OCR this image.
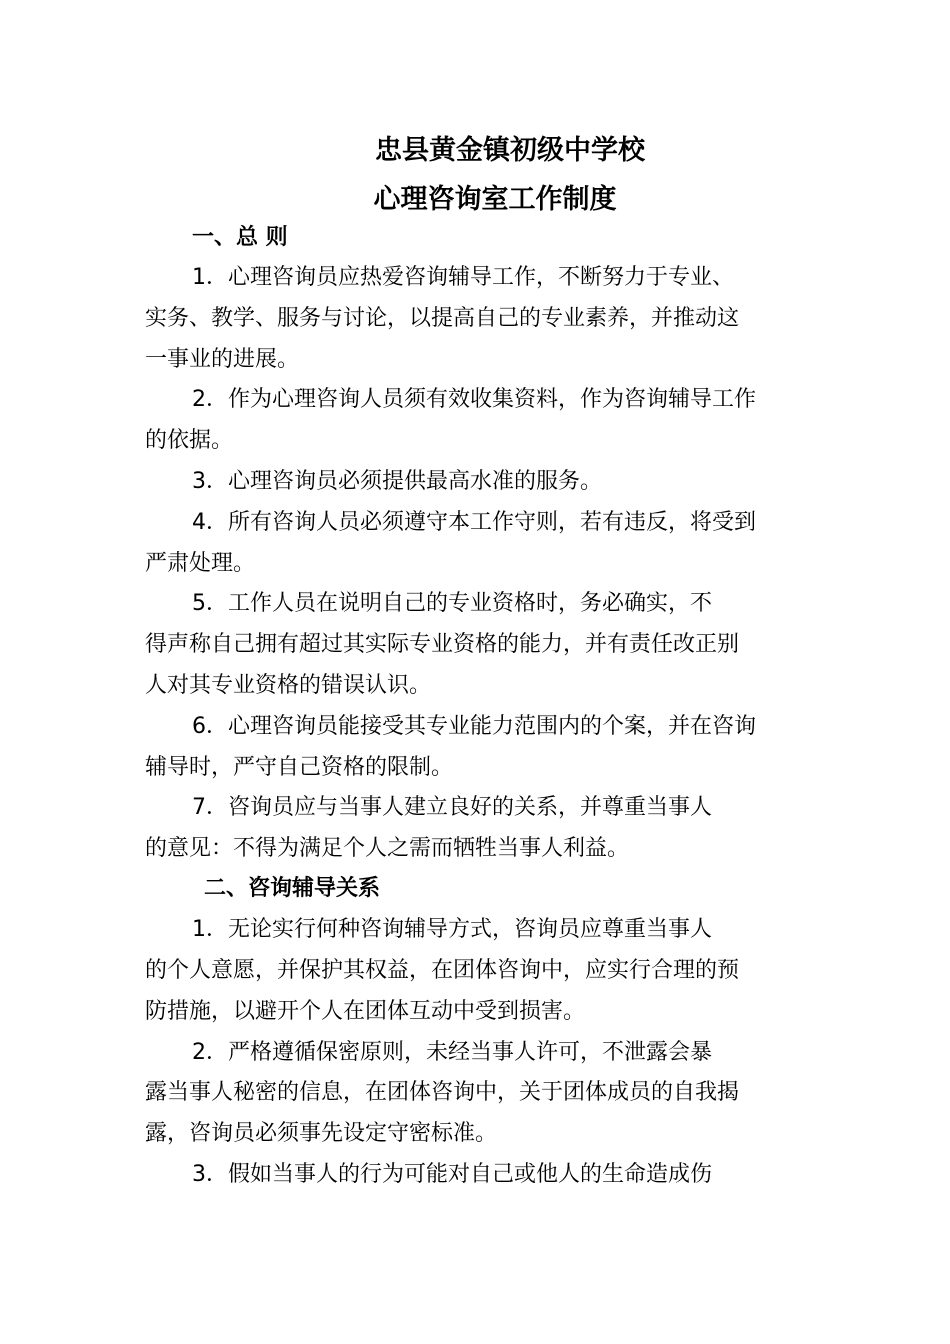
忠县黄金镇初级中学校
心理咨询室工作制度
一、总 则
1．心理咨询员应热爱咨询辅导工作，不断努力于专业、
实务、教学、服务与讨论，以提高自己的专业素养，并推动这
一事业的进展。
2．作为心理咨询人员须有效收集资料，作为咨询辅导工作
的依据。
3．心理咨询员必须提供最高水准的服务。
4．所有咨询人员必须遵守本工作守则，若有违反，将受到
严肃处理。
5．工作人员在说明自己的专业资格时，务必确实，不
得声称自己拥有超过其实际专业资格的能力，并有责任改正别
人对其专业资格的错误认识。
6．心理咨询员能接受其专业能力范围内的个案，并在咨询
辅导时，严守自己资格的限制。
7．咨询员应与当事人建立良好的关系，并尊重当事人
的意见：不得为满足个人之需而牺牲当事人利益。
二、咨询辅导关系
1．无论实行何种咨询辅导方式，咨询员应尊重当事人
的个人意愿，并保护其权益，在团体咨询中，应实行合理的预
防措施，以避开个人在团体互动中受到损害。
2．严格遵循保密原则，未经当事人许可，不泄露会暴
露当事人秘密的信息，在团体咨询中，关于团体成员的自我揭
露，咨询员必须事先设定守密标准。
3．假如当事人的行为可能对自己或他人的生命造成伤
